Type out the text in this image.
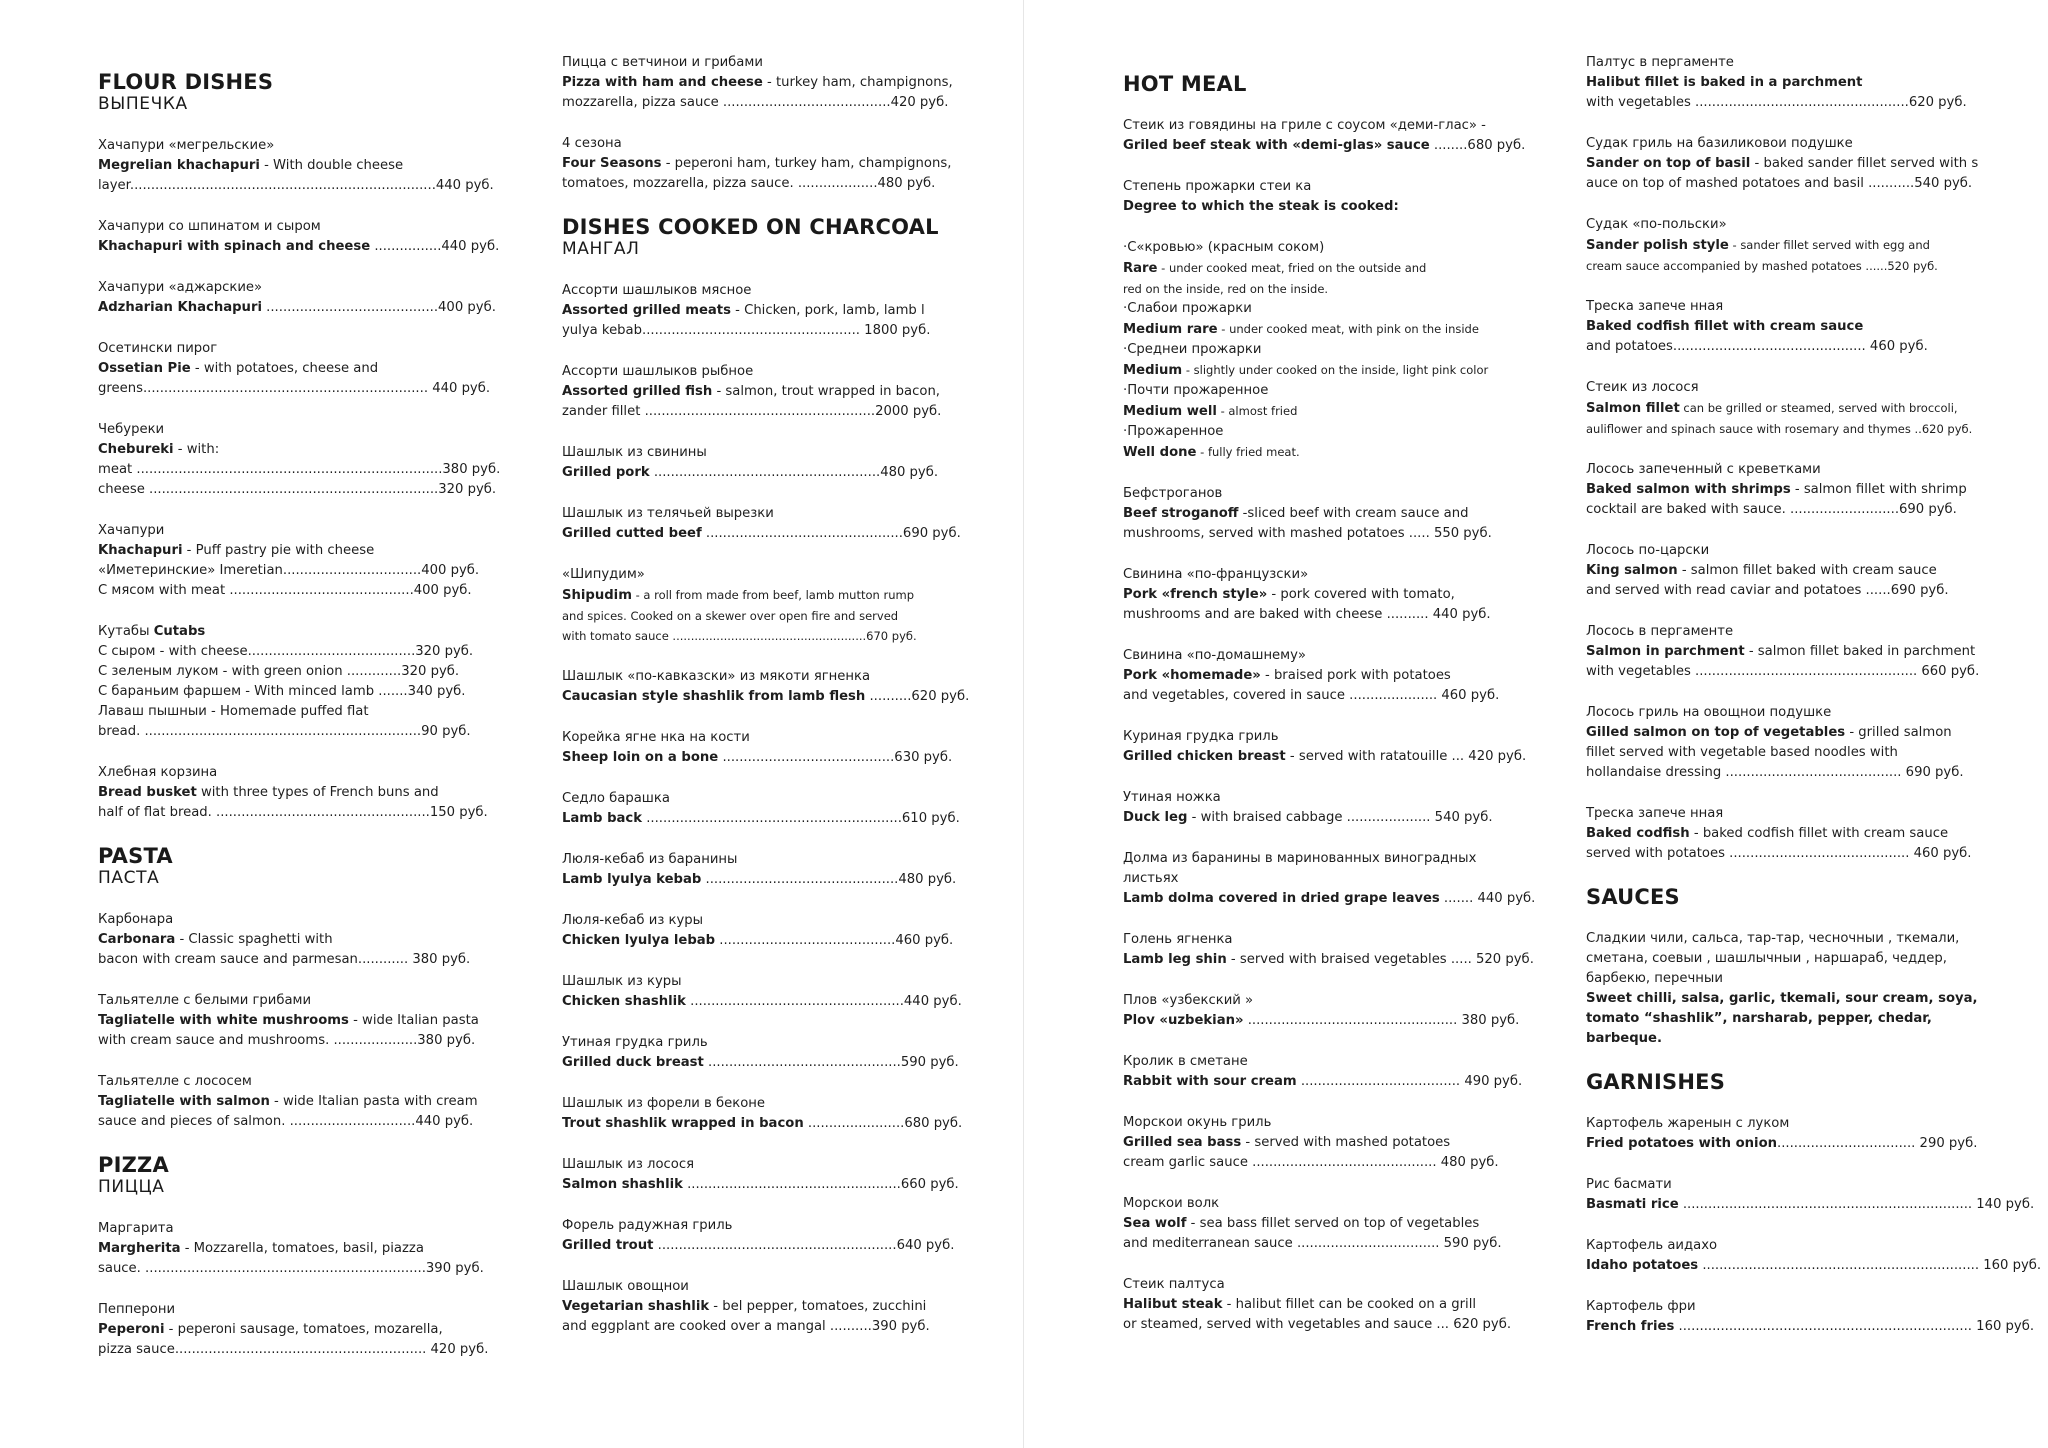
FLOUR DISHES
ВЫПЕЧКА
Хачапури «мегрельские»
Megrelian khachapuri - With double cheese
layer.........................................................................440 руб.
Хачапури со шпинатом и сыром
Khachapuri with spinach and cheese ................440 руб.
Хачапури «аджарские»
Adzharian Khachapuri .........................................400 руб.
Осетински пирог
Ossetian Pie - with potatoes, cheese and
greens.................................................................... 440 руб.
Чебуреки
Chebureki - with:
meat .........................................................................380 руб.
cheese .....................................................................320 руб.
Хачапури
Khachapuri - Puff pastry pie with cheese
«Иметеринские» Imeretian.................................400 руб.
С мясом with meat ............................................400 руб.
Кутабы Cutabs
С сыром - with cheese........................................320 руб.
С зеленым луком - with green onion .............320 руб.
С бараньим фаршем - With minced lamb .......340 руб.
Лаваш пышныи - Homemade puffed flat
bread. ..................................................................90 руб.
Хлебная корзина
Bread busket with three types of French buns and
half of flat bread. ...................................................150 руб.
PASTA
ПАСТА
Карбонара
Carbonara - Classic spaghetti with
bacon with cream sauce and parmesan............ 380 руб.
Тальятелле с белыми грибами
Tagliatelle with white mushrooms - wide Italian pasta
with cream sauce and mushrooms. ....................380 руб.
Тальятелле с лососем
Tagliatelle with salmon - wide Italian pasta with cream
sauce and pieces of salmon. ..............................440 руб.
PIZZA
ПИЦЦА
Маргарита
Margherita - Mozzarella, tomatoes, basil, piazza
sauce. ...................................................................390 руб.
Пепперони
Peperoni - peperoni sausage, tomatoes, mozarella,
pizza sauce............................................................ 420 руб.
Пицца с ветчинои и грибами
Pizza with ham and cheese - turkey ham, champignons,
mozzarella, pizza sauce ........................................420 руб.
4 сезона
Four Seasons - peperoni ham, turkey ham, champignons,
tomatoes, mozzarella, pizza sauce. ...................480 руб.
DISHES COOKED ON CHARCOAL
МАНГАЛ
Ассорти шашлыков мясное
Assorted grilled meats - Chicken, pork, lamb, lamb l
yulya kebab.................................................... 1800 руб.
Ассорти шашлыков рыбное
Assorted grilled fish - salmon, trout wrapped in bacon,
zander fillet .......................................................2000 руб.
Шашлык из свинины
Grilled pork ......................................................480 руб.
Шашлык из телячьей вырезки
Grilled cutted beef ...............................................690 руб.
«Шипудим»
Shipudim - a roll from made from beef, lamb mutton rump
and spices. Cooked on a skewer over open fire and served
with tomato sauce .....................................................670 руб.
Шашлык «по-кавказски» из мякоти ягненка
Caucasian style shashlik from lamb flesh ..........620 руб.
Корейка ягне нка на кости
Sheep loin on a bone .........................................630 руб.
Седло барашка
Lamb back .............................................................610 руб.
Люля-кебаб из баранины
Lamb lyulya kebab ..............................................480 руб.
Люля-кебаб из куры
Chicken lyulya lebab ..........................................460 руб.
Шашлык из куры
Chicken shashlik ...................................................440 руб.
Утиная грудка гриль
Grilled duck breast ..............................................590 руб.
Шашлык из форели в беконе
Trout shashlik wrapped in bacon .......................680 руб.
Шашлык из лосося
Salmon shashlik ...................................................660 руб.
Форель радужная гриль
Grilled trout .........................................................640 руб.
Шашлык овощнои
Vegetarian shashlik - bel pepper, tomatoes, zucchini
and eggplant are cooked over a mangal ..........390 руб.
HOT MEAL
Стеик из говядины на гриле с соусом «деми-глас» -
Griled beef steak with «demi-glas» sauce ........680 руб.
Степень прожарки стеи ка
Degree to which the steak is cooked:
·С«кровью» (красным соком)
Rare - under cooked meat, fried on the outside and
red on the inside, red on the inside.
·Слабои прожарки
Medium rare - under cooked meat, with pink on the inside
·Среднеи прожарки
Medium - slightly under cooked on the inside, light pink color
·Почти прожаренное
Medium well - almost fried
·Прожаренное
Well done - fully fried meat.
Бефстроганов
Beef stroganoff -sliced beef with cream sauce and
mushrooms, served with mashed potatoes ..... 550 руб.
Свинина «по-французски»
Pork «french style» - pork covered with tomato,
mushrooms and are baked with cheese .......... 440 руб.
Свинина «по-домашнему»
Pork «homemade» - braised pork with potatoes
and vegetables, covered in sauce ..................... 460 руб.
Куриная грудка гриль
Grilled chicken breast - served with ratatouille ... 420 руб.
Утиная ножка
Duck leg - with braised cabbage .................... 540 руб.
Долма из баранины в маринованных виноградных
листьях
Lamb dolma covered in dried grape leaves ....... 440 руб.
Голень ягненка
Lamb leg shin - served with braised vegetables ..... 520 руб.
Плов «узбекский »
Plov «uzbekian» .................................................. 380 руб.
Кролик в сметане
Rabbit with sour cream ...................................... 490 руб.
Морскои окунь гриль
Grilled sea bass - served with mashed potatoes
cream garlic sauce ............................................ 480 руб.
Морскои волк
Sea wolf - sea bass fillet served on top of vegetables
and mediterranean sauce .................................. 590 руб.
Стеик палтуса
Halibut steak - halibut fillet can be cooked on a grill
or steamed, served with vegetables and sauce ... 620 руб.
Палтус в пергаменте
Halibut fillet is baked in a parchment
with vegetables ...................................................620 руб.
Судак гриль на базиликовои подушке
Sander on top of basil - baked sander fillet served with s
auce on top of mashed potatoes and basil ...........540 руб.
Судак «по-польски»
Sander polish style - sander fillet served with egg and
cream sauce accompanied by mashed potatoes ......520 руб.
Треска запече нная
Baked codfish fillet with cream sauce
and potatoes.............................................. 460 руб.
Стеик из лосося
Salmon fillet can be grilled or steamed, served with broccoli,
auliflower and spinach sauce with rosemary and thymes ..620 руб.
Лосось запеченный с креветками
Baked salmon with shrimps - salmon fillet with shrimp
cocktail are baked with sauce. ..........................690 руб.
Лосось по-царски
King salmon - salmon fillet baked with cream sauce
and served with read caviar and potatoes ......690 руб.
Лосось в пергаменте
Salmon in parchment - salmon fillet baked in parchment
with vegetables ..................................................... 660 руб.
Лосось гриль на овощнои подушке
Gilled salmon on top of vegetables - grilled salmon
fillet served with vegetable based noodles with
hollandaise dressing .......................................... 690 руб.
Треска запече нная
Baked codfish - baked codfish fillet with cream sauce
served with potatoes ........................................... 460 руб.
SAUCES
Сладкии чили, сальса, тар-тар, чесночныи , ткемали,
сметана, соевыи , шашлычныи , наршараб, чеддер,
барбекю, перечныи
Sweet chilli, salsa, garlic, tkemali, sour cream, soya,
tomato “shashlik”, narsharab, pepper, chedar,
barbeque.
GARNISHES
Картофель жаренын с луком
Fried potatoes with onion................................. 290 руб.
Рис басмати
Basmati rice ..................................................................... 140 руб.
Картофель аидахо
Idaho potatoes .................................................................. 160 руб.
Картофель фри
French fries ...................................................................... 160 руб.
